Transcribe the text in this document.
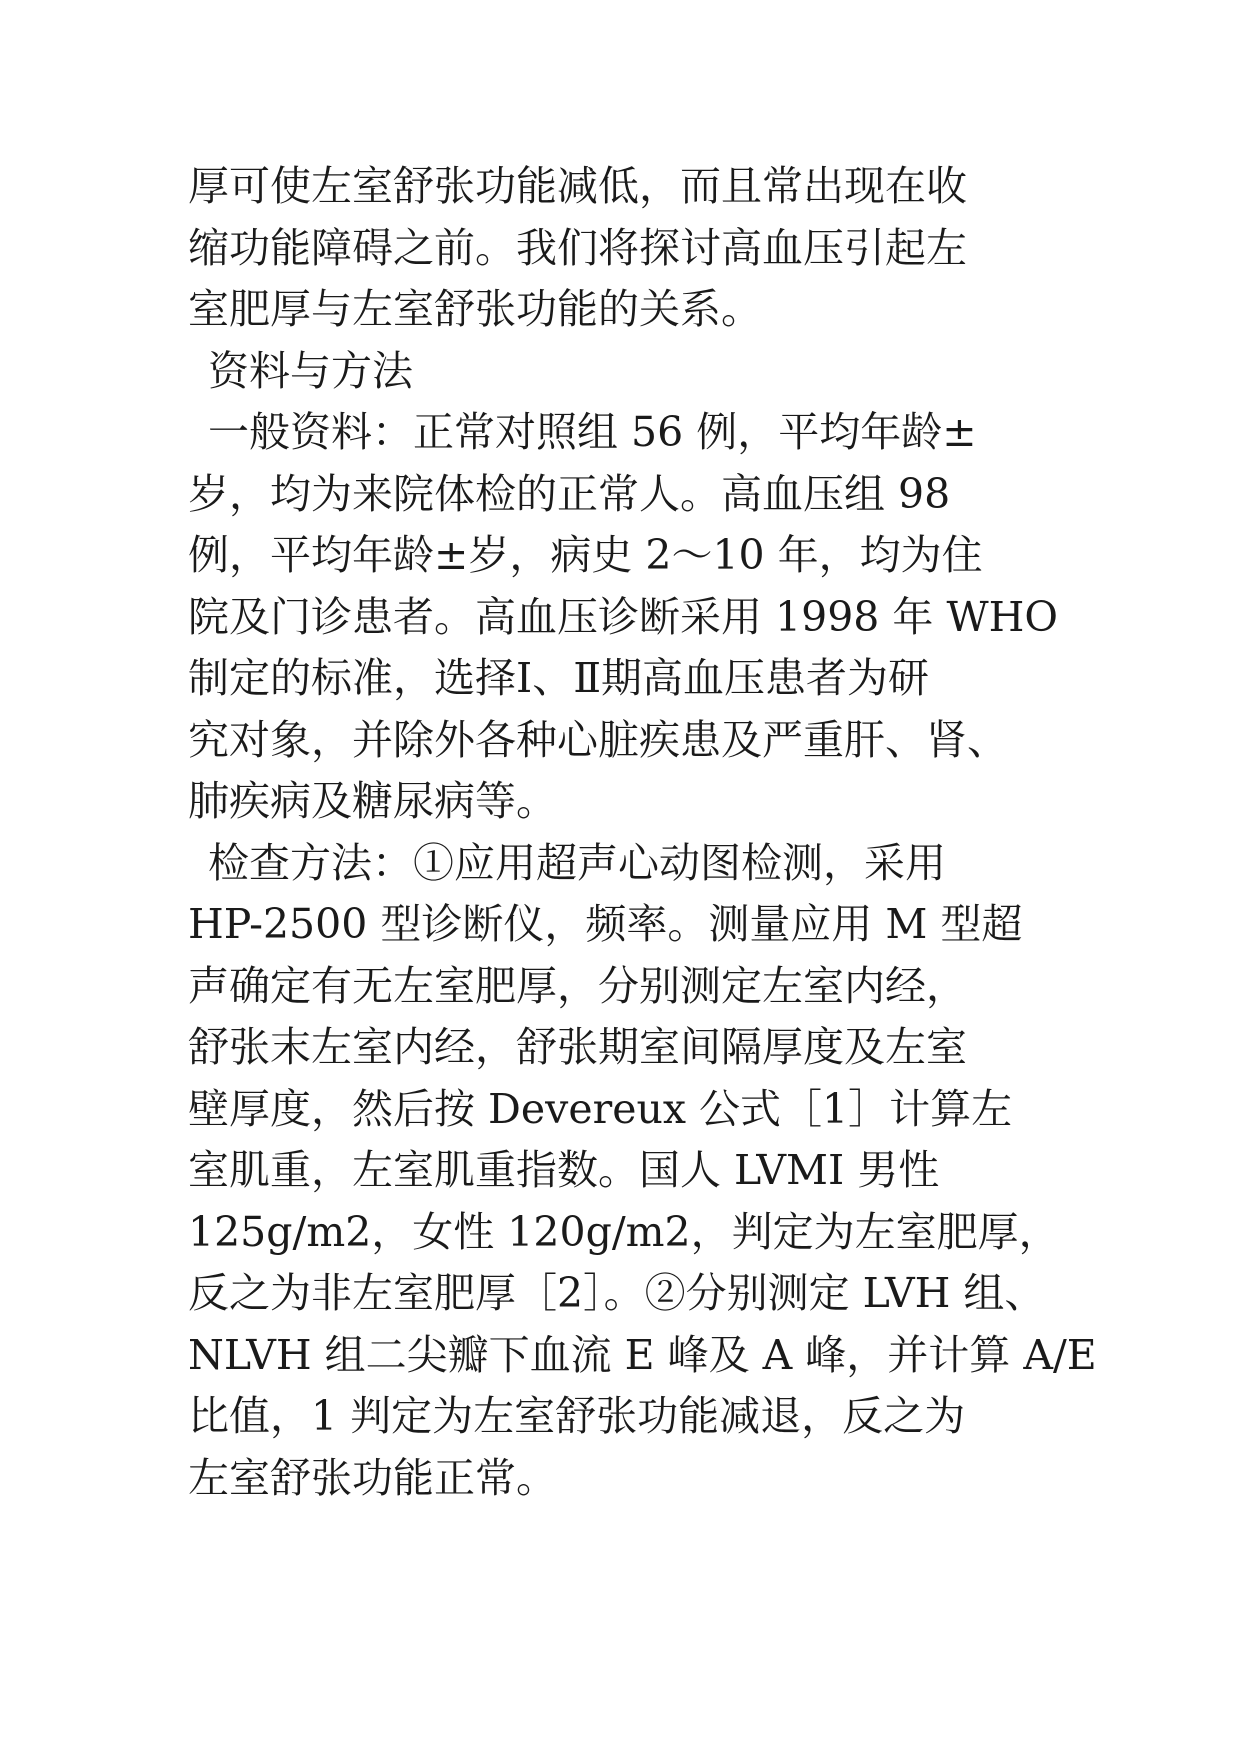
厚可使左室舒张功能减低，而且常出现在收
缩功能障碍之前。我们将探讨高血压引起左
室肥厚与左室舒张功能的关系。
资料与方法
一般资料：正常对照组 56 例，平均年龄±
岁，均为来院体检的正常人。高血压组 98
例，平均年龄±岁，病史 2～10 年，均为住
院及门诊患者。高血压诊断采用 1998 年 WHO
制定的标准，选择Ⅰ、Ⅱ期高血压患者为研
究对象，并除外各种心脏疾患及严重肝、肾、
肺疾病及糖尿病等。
检查方法：①应用超声心动图检测，采用
HP-2500 型诊断仪，频率。测量应用 M 型超
声确定有无左室肥厚，分别测定左室内经，
舒张末左室内经，舒张期室间隔厚度及左室
壁厚度，然后按 Devereux 公式［1］计算左
室肌重，左室肌重指数。国人 LVMI 男性
125g/m2，女性 120g/m2，判定为左室肥厚，
反之为非左室肥厚［2］。②分别测定 LVH 组、
NLVH 组二尖瓣下血流 E 峰及 A 峰，并计算 A/E
比值，1 判定为左室舒张功能减退，反之为
左室舒张功能正常。
